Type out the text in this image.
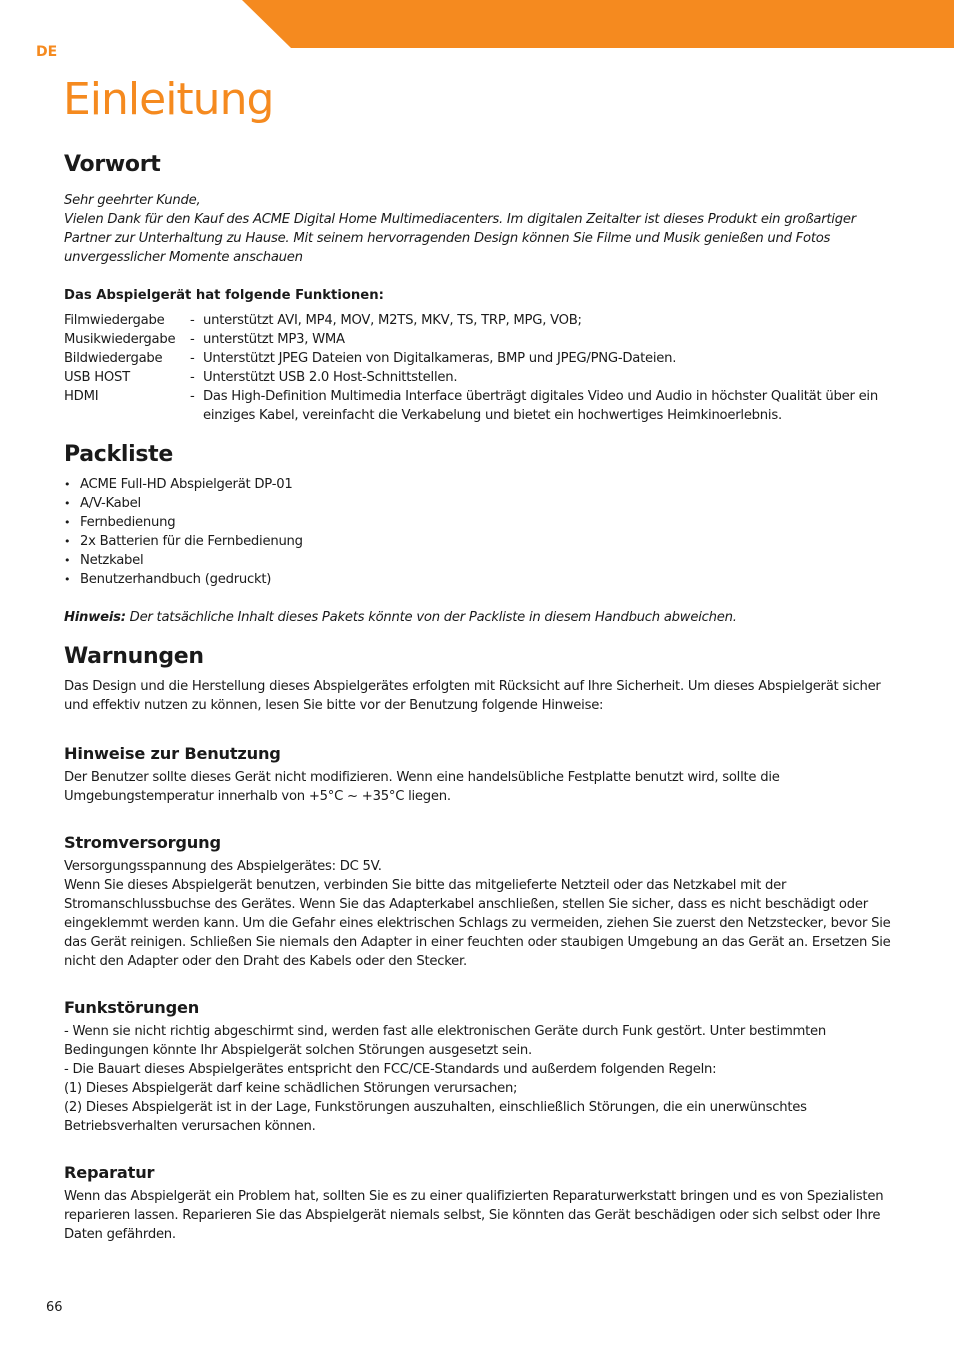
DE
Einleitung
Vorwort

Sehr geehrter Kunde,

Vielen Dank für den Kauf des ACME Digital Home Multimediacenters. Im digitalen Zeitalter ist dieses Produkt ein großartiger Partner zur Unterhaltung zu Hause. Mit seinem hervorragenden Design können Sie Filme und Musik genießen und Fotos unvergesslicher Momente anschauen

Das Abspielgerät hat folgende Funktionen:
Filmwiedergabe	- unterstützt AVI, MP4, MOV, M2TS, MKV, TS, TRP, MPG, VOB;
Musikwiedergabe	- unterstützt MP3, WMA
Bildwiedergabe	- Unterstützt JPEG Dateien von Digitalkameras, BMP und JPEG/PNG-Dateien.
USB HOST	- Unterstützt USB 2.0 Host-Schnittstellen.
HDMI	- Das High-Definition Multimedia Interface überträgt digitales Video und Audio in höchster Qualität über ein einziges Kabel, vereinfacht die Verkabelung und bietet ein hochwertiges Heimkinoerlebnis.
Packliste
• ACME Full-HD Abspielgerät DP-01
• A/V-Kabel
• Fernbedienung
• 2x Batterien für die Fernbedienung
• Netzkabel
• Benutzerhandbuch (gedruckt)

Hinweis: Der tatsächliche Inhalt dieses Pakets könnte von der Packliste in diesem Handbuch abweichen.

Warnungen

Das Design und die Herstellung dieses Abspielgerätes erfolgten mit Rücksicht auf Ihre Sicherheit. Um dieses Abspielgerät sicher und effektiv nutzen zu können, lesen Sie bitte vor der Benutzung folgende Hinweise:

Hinweise zur Benutzung

Der Benutzer sollte dieses Gerät nicht modifizieren. Wenn eine handelsübliche Festplatte benutzt wird, sollte die Umgebungstemperatur innerhalb von +5°C ~ +35°C liegen.

Stromversorgung

Versorgungsspannung des Abspielgerätes: DC 5V.

Wenn Sie dieses Abspielgerät benutzen, verbinden Sie bitte das mitgelieferte Netzteil oder das Netzkabel mit der Stromanschlussbuchse des Gerätes. Wenn Sie das Adapterkabel anschließen, stellen Sie sicher, dass es nicht beschädigt oder eingeklemmt werden kann. Um die Gefahr eines elektrischen Schlags zu vermeiden, ziehen Sie zuerst den Netzstecker, bevor Sie das Gerät reinigen. Schließen Sie niemals den Adapter in einer feuchten oder staubigen Umgebung an das Gerät an. Ersetzen Sie nicht den Adapter oder den Draht des Kabels oder den Stecker.

Funkstörungen

- Wenn sie nicht richtig abgeschirmt sind, werden fast alle elektronischen Geräte durch Funk gestört. Unter bestimmten Bedingungen könnte Ihr Abspielgerät solchen Störungen ausgesetzt sein.

- Die Bauart dieses Abspielgerätes entspricht den FCC/CE-Standards und außerdem folgenden Regeln:

(1) Dieses Abspielgerät darf keine schädlichen Störungen verursachen;

(2) Dieses Abspielgerät ist in der Lage, Funkstörungen auszuhalten, einschließlich Störungen, die ein unerwünschtes Betriebsverhalten verursachen können.

Reparatur

Wenn das Abspielgerät ein Problem hat, sollten Sie es zu einer qualifizierten Reparaturwerkstatt bringen und es von Spezialisten reparieren lassen. Reparieren Sie das Abspielgerät niemals selbst, Sie könnten das Gerät beschädigen oder sich selbst oder Ihre Daten gefährden.

66
